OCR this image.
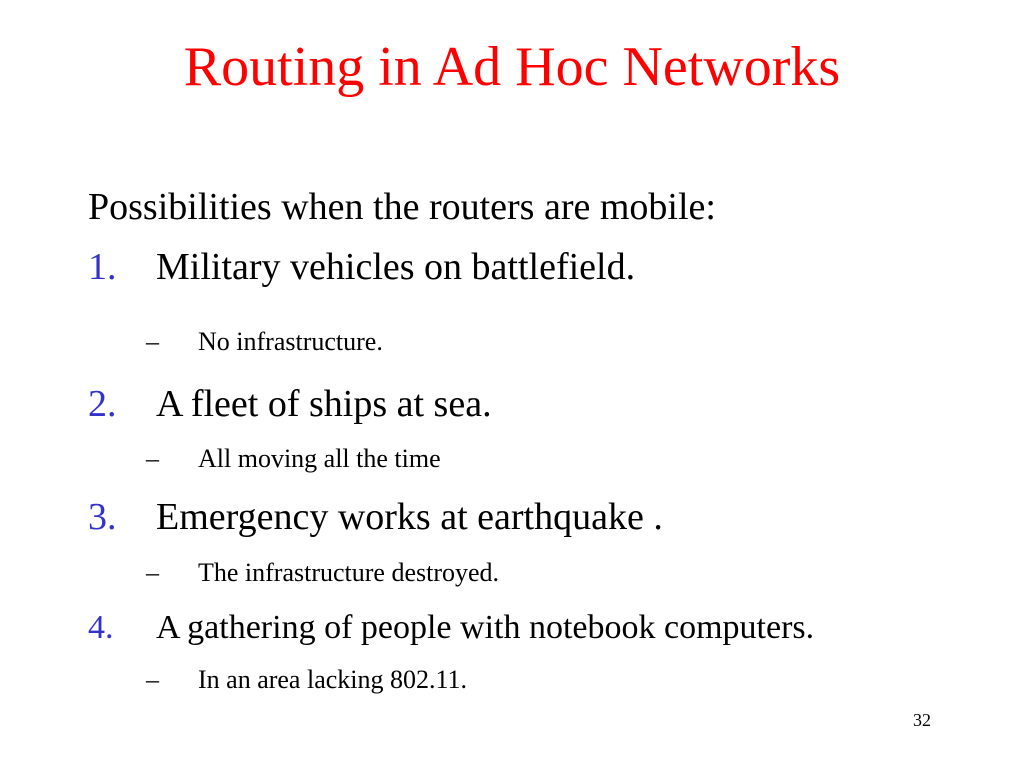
Routing in Ad Hoc Networks
Possibilities when the routers are mobile:
1. Military vehicles on battlefield.
– No infrastructure.
2. A fleet of ships at sea.
– All moving all the time
3. Emergency works at earthquake .
– The infrastructure destroyed.
4. A gathering of people with notebook computers.
– In an area lacking 802.11.
32
